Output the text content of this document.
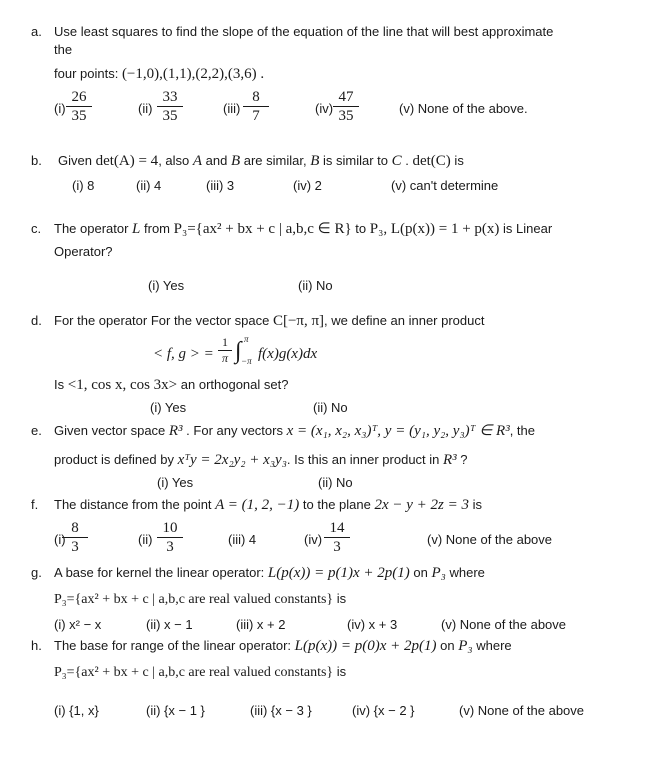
a. Use least squares to find the slope of the equation of the line that will best approximate
the
four points: (−1,0),(1,1),(2,2),(3,6) .
$(i) \frac{26}{35}$	$(ii) \frac{33}{35}$	$(iii) \frac{8}{7}$	$(iv) \frac{47}{35}$	(v) None of the above.
b. Given det(A) = 4, also A and B are similar, B is similar to C . det(C) is
(i) 8	(ii) 4	(iii) 3	(iv) 2	(v) can't determine
c. The operator L from P₃={ax² + bx + c | a,b,c ∈ R} to P₃, L(p(x)) = 1 + p(x) is Linear
Operator?
(i) Yes	(ii) No
d. For the operator For the vector space C[−π, π], we define an inner product
< f, g > = $\frac{1}{\pi}$ ∫ π
−π f(x)g(x)dx
Is <1, cos x, cos 3x> an orthogonal set?
(i) Yes	(ii) No
e. Given vector space R³ . For any vectors x = (x₁, x₂, x₃)ᵀ, y = (y₁, y₂, y₃)ᵀ ∈ R³, the
product is defined by xᵀy = 2x₂y₂ + x₃y₃. Is this an inner product in R³ ?
(i) Yes	(ii) No
f. The distance from the point A = (1, 2, −1) to the plane 2x − y + 2z = 3 is
(i)
$\frac{8}{3}$	$(ii) \frac{10}{3}$	(iii) 4	$(iv) \frac{14}{3}$	(v) None of the above
g. A base for kernel the linear operator: L(p(x)) = p(1)x + 2p(1) on P₃ where
P₃={ax² + bx + c | a,b,c are real valued constants} is
(i) x² − x	(ii) x − 1	(iii) x + 2	(iv) x + 3	(v) None of the above
h. The base for range of the linear operator: L(p(x)) = p(0)x + 2p(1) on P₃ where
P₃={ax² + bx + c | a,b,c are real valued constants} is
(i) {1, x}	(ii) {x − 1 }	(iii) {x − 3 }	(iv) {x − 2 }	(v) None of the above
